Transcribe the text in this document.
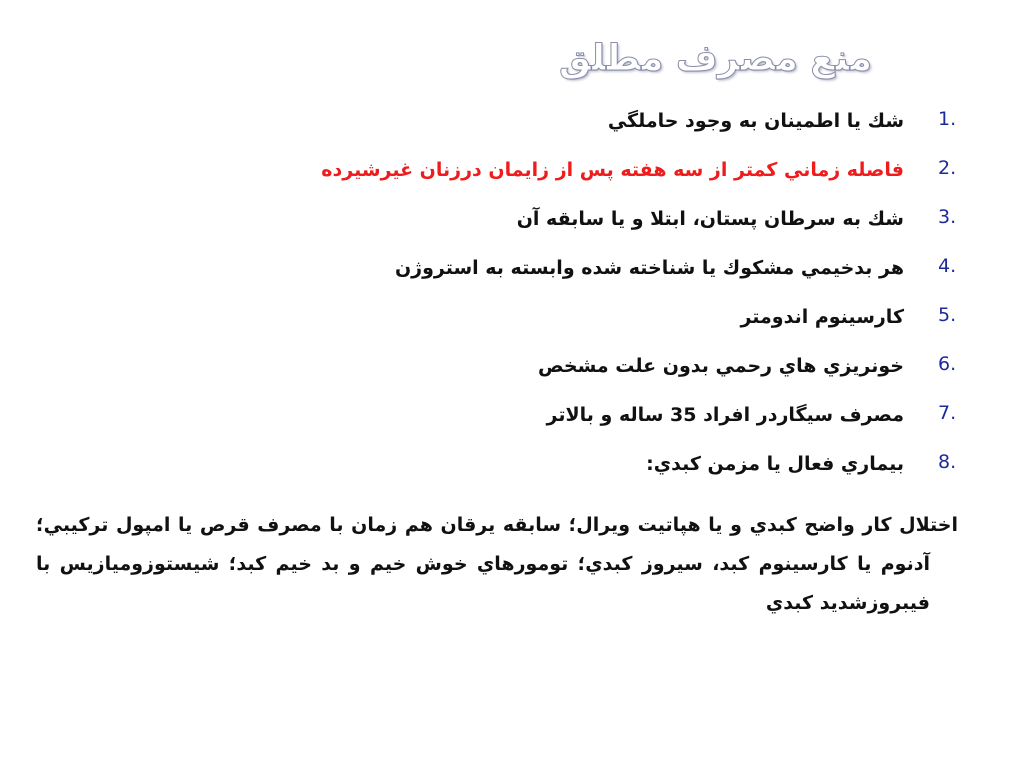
منع مصرف مطلق
1.
شك يا اطمينان به وجود حاملگي
2.
فاصله زماني كمتر از سه هفته پس از زايمان درزنان غيرشيرده
3.
شك به سرطان پستان، ابتلا و يا سابقه آن
4.
هر بدخيمي مشكوك يا شناخته شده وابسته به استروژن
5.
كارسينوم اندومتر
6.
خونريزي هاي رحمي بدون علت مشخص
7.
مصرف سيگاردر افراد 35 ساله و بالاتر
8.
بيماري فعال يا مزمن كبدي:

اختلال كار واضح كبدي و يا هپاتيت ويرال؛ سابقه يرقان هم زمان با مصرف قرص يا امپول تركيبي؛ آدنوم يا كارسينوم كبد، سيروز كبدي؛ تومورهاي خوش خيم و بد خيم كبد؛ شيستوزوميازيس با فيبروزشديد كبدي
